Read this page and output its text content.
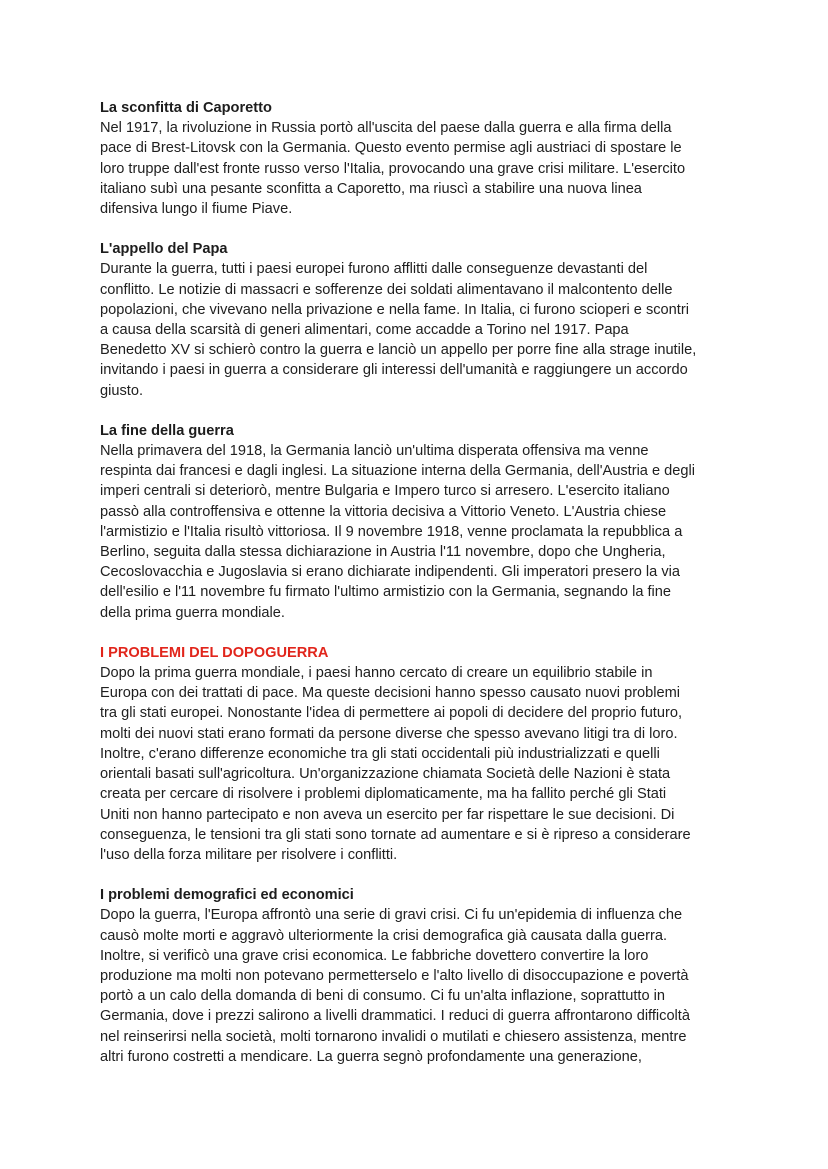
La sconfitta di Caporetto

Nel 1917, la rivoluzione in Russia portò all'uscita del paese dalla guerra e alla firma della
pace di Brest-Litovsk con la Germania. Questo evento permise agli austriaci di spostare le
loro truppe dall'est fronte russo verso l'Italia, provocando una grave crisi militare. L'esercito
italiano subì una pesante sconfitta a Caporetto, ma riuscì a stabilire una nuova linea
difensiva lungo il fiume Piave.

L'appello del Papa

Durante la guerra, tutti i paesi europei furono afflitti dalle conseguenze devastanti del
conflitto. Le notizie di massacri e sofferenze dei soldati alimentavano il malcontento delle
popolazioni, che vivevano nella privazione e nella fame. In Italia, ci furono scioperi e scontri
a causa della scarsità di generi alimentari, come accadde a Torino nel 1917. Papa
Benedetto XV si schierò contro la guerra e lanciò un appello per porre fine alla strage inutile,
invitando i paesi in guerra a considerare gli interessi dell'umanità e raggiungere un accordo
giusto.

La fine della guerra

Nella primavera del 1918, la Germania lanciò un'ultima disperata offensiva ma venne
respinta dai francesi e dagli inglesi. La situazione interna della Germania, dell'Austria e degli
imperi centrali si deteriorò, mentre Bulgaria e Impero turco si arresero. L'esercito italiano
passò alla controffensiva e ottenne la vittoria decisiva a Vittorio Veneto. L'Austria chiese
l'armistizio e l'Italia risultò vittoriosa. Il 9 novembre 1918, venne proclamata la repubblica a
Berlino, seguita dalla stessa dichiarazione in Austria l'11 novembre, dopo che Ungheria,
Cecoslovacchia e Jugoslavia si erano dichiarate indipendenti. Gli imperatori presero la via
dell'esilio e l'11 novembre fu firmato l'ultimo armistizio con la Germania, segnando la fine
della prima guerra mondiale.

I PROBLEMI DEL DOPOGUERRA

Dopo la prima guerra mondiale, i paesi hanno cercato di creare un equilibrio stabile in
Europa con dei trattati di pace. Ma queste decisioni hanno spesso causato nuovi problemi
tra gli stati europei. Nonostante l'idea di permettere ai popoli di decidere del proprio futuro,
molti dei nuovi stati erano formati da persone diverse che spesso avevano litigi tra di loro.
Inoltre, c'erano differenze economiche tra gli stati occidentali più industrializzati e quelli
orientali basati sull'agricoltura. Un'organizzazione chiamata Società delle Nazioni è stata
creata per cercare di risolvere i problemi diplomaticamente, ma ha fallito perché gli Stati
Uniti non hanno partecipato e non aveva un esercito per far rispettare le sue decisioni. Di
conseguenza, le tensioni tra gli stati sono tornate ad aumentare e si è ripreso a considerare
l'uso della forza militare per risolvere i conflitti.

I problemi demografici ed economici

Dopo la guerra, l'Europa affrontò una serie di gravi crisi. Ci fu un'epidemia di influenza che
causò molte morti e aggravò ulteriormente la crisi demografica già causata dalla guerra.
Inoltre, si verificò una grave crisi economica. Le fabbriche dovettero convertire la loro
produzione ma molti non potevano permetterselo e l'alto livello di disoccupazione e povertà
portò a un calo della domanda di beni di consumo. Ci fu un'alta inflazione, soprattutto in
Germania, dove i prezzi salirono a livelli drammatici. I reduci di guerra affrontarono difficoltà
nel reinserirsi nella società, molti tornarono invalidi o mutilati e chiesero assistenza, mentre
altri furono costretti a mendicare. La guerra segnò profondamente una generazione,
